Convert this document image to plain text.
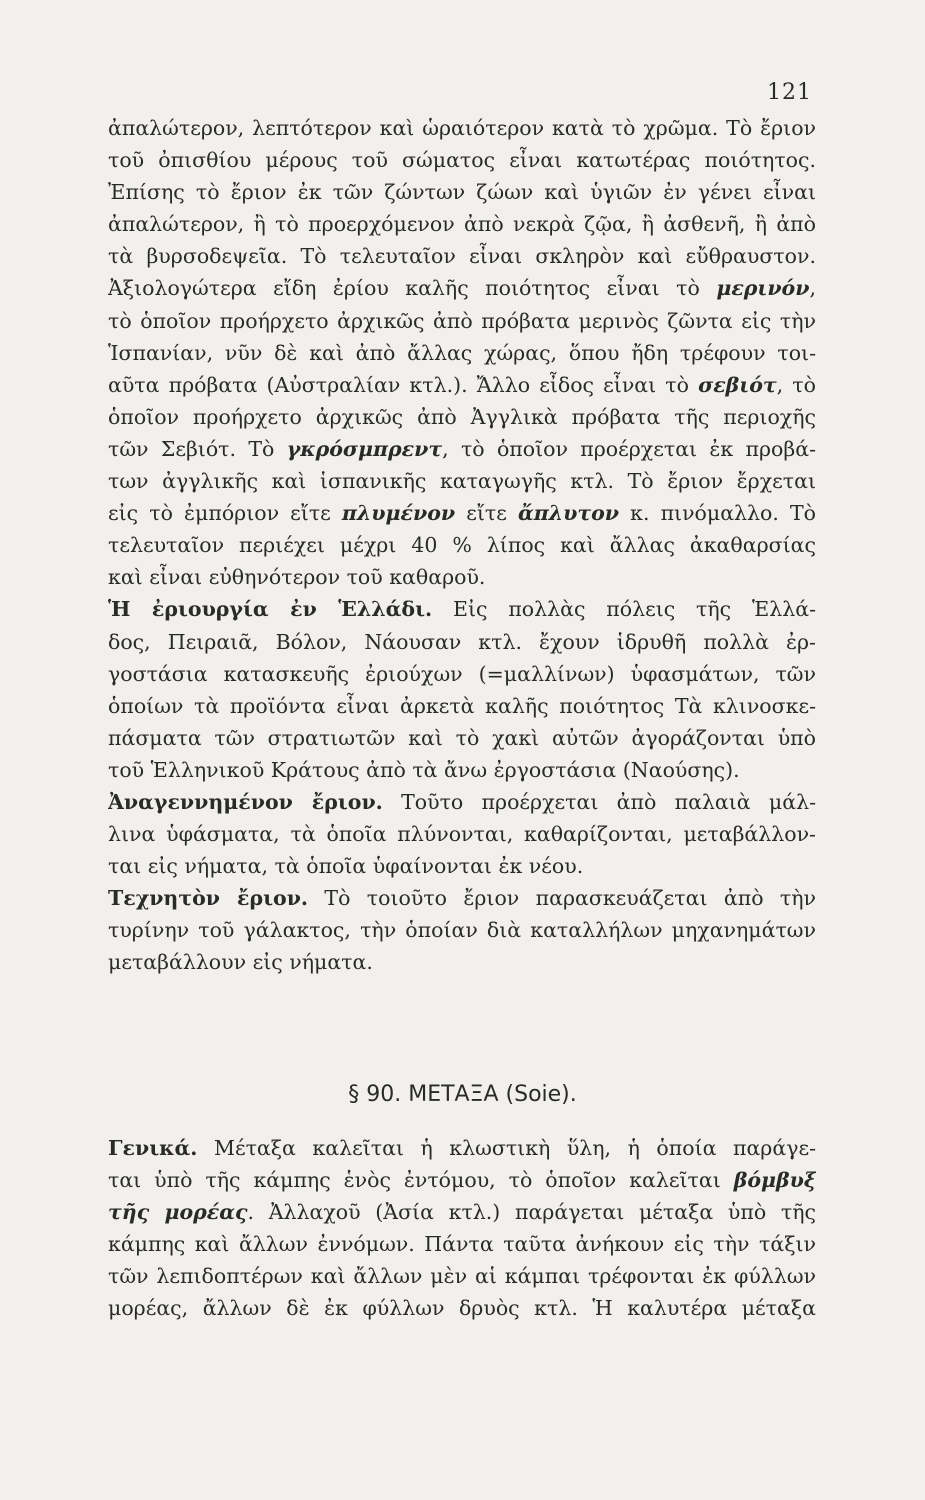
121
ἀπαλώτερον, λεπτότερον καὶ ὡραιότερον κατὰ τὸ χρῶμα. Τὸ ἔριον
τοῦ ὀπισθίου μέρους τοῦ σώματος εἶναι κατωτέρας ποιότητος.
Ἐπίσης τὸ ἔριον ἐκ τῶν ζώντων ζώων καὶ ὑγιῶν ἐν γένει εἶναι
ἀπαλώτερον, ἢ τὸ προερχόμενον ἀπὸ νεκρὰ ζῷα, ἢ ἀσθενῆ, ἢ ἀπὸ
τὰ βυρσοδεψεῖα. Τὸ τελευταῖον εἶναι σκληρὸν καὶ εὔθραυστον.
Ἀξιολογώτερα εἴδη ἐρίου καλῆς ποιότητος εἶναι τὸ μερινόν,
τὸ ὁποῖον προήρχετο ἀρχικῶς ἀπὸ πρόβατα μερινὸς ζῶντα εἰς τὴν
Ἱσπανίαν, νῦν δὲ καὶ ἀπὸ ἄλλας χώρας, ὅπου ἤδη τρέφουν τοι-
αῦτα πρόβατα (Αὐστραλίαν κτλ.). Ἄλλο εἶδος εἶναι τὸ σεβιότ, τὸ
ὁποῖον προήρχετο ἀρχικῶς ἀπὸ Ἀγγλικὰ πρόβατα τῆς περιοχῆς
τῶν Σεβιότ. Τὸ γκρόσμπρεντ, τὸ ὁποῖον προέρχεται ἐκ προβά-
των ἀγγλικῆς καὶ ἱσπανικῆς καταγωγῆς κτλ. Τὸ ἔριον ἔρχεται
εἰς τὸ ἐμπόριον εἴτε πλυμένον εἴτε ἄπλυτον κ. πινόμαλλο. Τὸ
τελευταῖον περιέχει μέχρι 40 % λίπος καὶ ἄλλας ἀκαθαρσίας
καὶ εἶναι εὐθηνότερον τοῦ καθαροῦ.
Ἡ ἐριουργία ἐν Ἑλλάδι. Εἰς πολλὰς πόλεις τῆς Ἑλλά-
δος, Πειραιᾶ, Βόλον, Νάουσαν κτλ. ἔχουν ἱδρυθῆ πολλὰ ἐρ-
γοστάσια κατασκευῆς ἐριούχων (=μαλλίνων) ὑφασμάτων, τῶν
ὁποίων τὰ προϊόντα εἶναι ἀρκετὰ καλῆς ποιότητος Τὰ κλινοσκε-
πάσματα τῶν στρατιωτῶν καὶ τὸ χακὶ αὐτῶν ἀγοράζονται ὑπὸ
τοῦ Ἑλληνικοῦ Κράτους ἀπὸ τὰ ἄνω ἐργοστάσια (Ναούσης).
Ἀναγεννημένον ἔριον. Τοῦτο προέρχεται ἀπὸ παλαιὰ μάλ-
λινα ὑφάσματα, τὰ ὁποῖα πλύνονται, καθαρίζονται, μεταβάλλον-
ται εἰς νήματα, τὰ ὁποῖα ὑφαίνονται ἐκ νέου.
Τεχνητὸν ἔριον. Τὸ τοιοῦτο ἔριον παρασκευάζεται ἀπὸ τὴν
τυρίνην τοῦ γάλακτος, τὴν ὁποίαν διὰ καταλλήλων μηχανημάτων
μεταβάλλουν εἰς νήματα.
§ 90. ΜΕΤΑΞΑ (Soie).
Γενικά. Μέταξα καλεῖται ἡ κλωστικὴ ὕλη, ἡ ὁποία παράγε-
ται ὑπὸ τῆς κάμπης ἑνὸς ἐντόμου, τὸ ὁποῖον καλεῖται βόμβυξ
τῆς μορέας. Ἀλλαχοῦ (Ἀσία κτλ.) παράγεται μέταξα ὑπὸ τῆς
κάμπης καὶ ἄλλων ἐννόμων. Πάντα ταῦτα ἀνήκουν εἰς τὴν τάξιν
τῶν λεπιδοπτέρων καὶ ἄλλων μὲν αἱ κάμπαι τρέφονται ἐκ φύλλων
μορέας, ἄλλων δὲ ἐκ φύλλων δρυὸς κτλ. Ἡ καλυτέρα μέταξα
